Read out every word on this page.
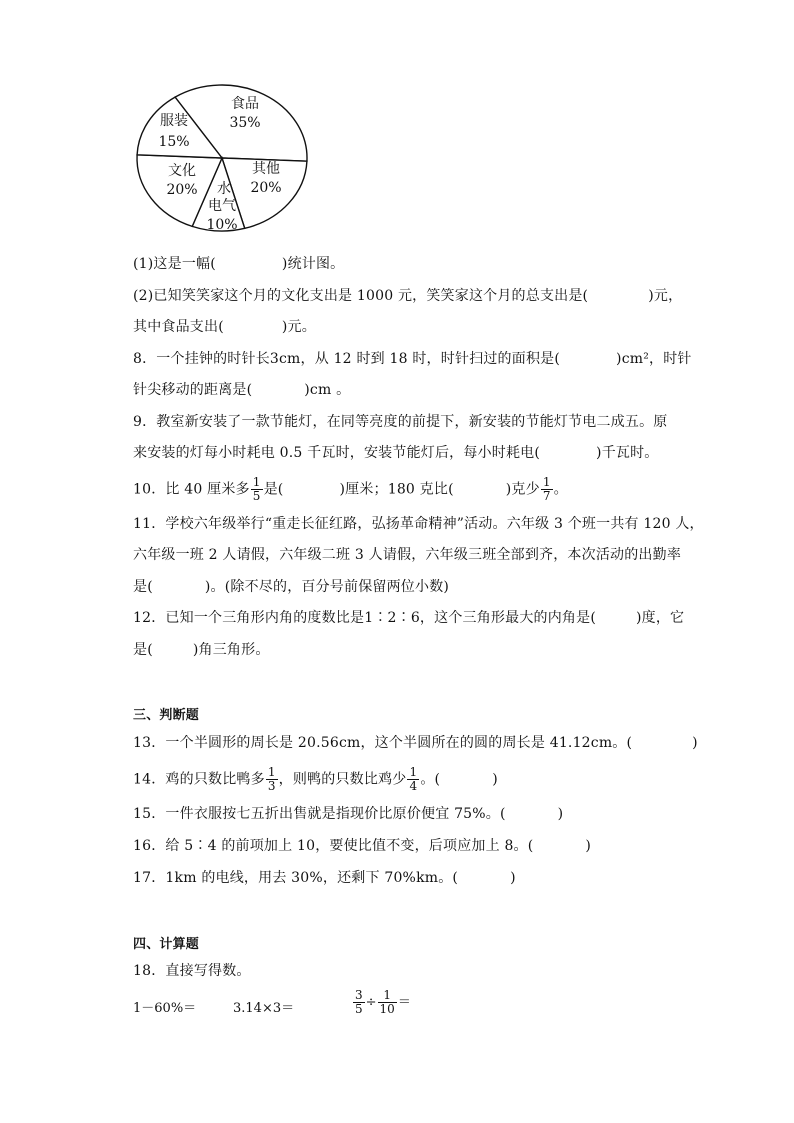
食品
35%
服装
15%
文化
20%
其他
20%
水
电气
10%
(1)这是一幅(	)统计图。
(2)已知笑笑家这个月的文化支出是 1000 元，笑笑家这个月的总支出是(	)元，
其中食品支出(	)元。
8．一个挂钟的时针长3cm，从 12 时到 18 时，时针扫过的面积是(	)cm²，时针
针尖移动的距离是(	)cm 。
9．教室新安装了一款节能灯，在同等亮度的前提下，新安装的节能灯节电二成五。原
来安装的灯每小时耗电 0.5 千瓦时，安装节能灯后，每小时耗电(	)千瓦时。
10．比 40 厘米多 $\frac{1}{5}$ 是(	)厘米；180 克比(	)克少 $\frac{1}{7}$ 。
11．学校六年级举行“重走长征红路，弘扬革命精神”活动。六年级 3 个班一共有 120 人，
六年级一班 2 人请假，六年级二班 3 人请假，六年级三班全部到齐，本次活动的出勤率
是(	)。(除不尽的，百分号前保留两位小数)
12．已知一个三角形内角的度数比是1∶2∶6，这个三角形最大的内角是(	)度，它
是(	)角三角形。
三、判断题
13．一个半圆形的周长是 20.56cm，这个半圆所在的圆的周长是 41.12cm。(	)
14．鸡的只数比鸭多 $\frac{1}{3}$ ，则鸭的只数比鸡少 $\frac{1}{4}$ 。(	)
15．一件衣服按七五折出售就是指现价比原价便宜 75%。(	)
16．给 5∶4 的前项加上 10，要使比值不变，后项应加上 8。(	)
17．1km 的电线，用去 30%，还剩下 70%km。(	)
四、计算题
18．直接写得数。
1－60%＝	3.14×3＝	$\frac{3}{5} \div \frac{1}{10}$ ＝
